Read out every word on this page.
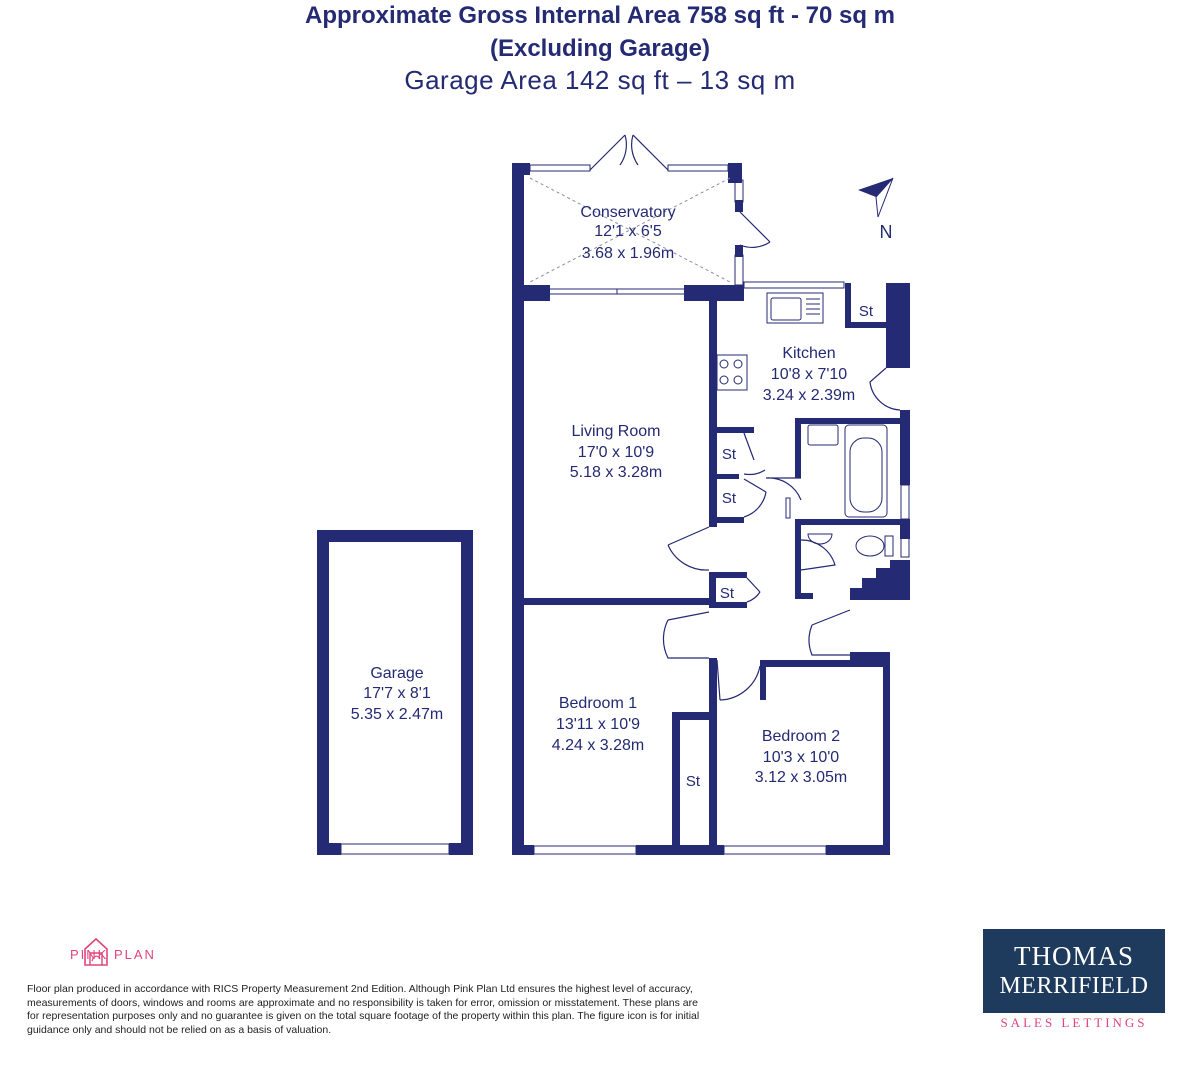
Approximate Gross Internal Area 758 sq ft - 70 sq m
(Excluding Garage)
Garage Area 142 sq ft – 13 sq m
N
Conservatory
12'1 x 6'5
3.68 x 1.96m
Kitchen
10'8 x 7'10
3.24 x 2.39m
Living Room
17'0 x 10'9
5.18 x 3.28m
Bedroom 1
13'11 x 10'9
4.24 x 3.28m
Bedroom 2
10'3 x 10'0
3.12 x 3.05m
Garage
17'7 x 8'1
5.35 x 2.47m
St
St
St
St
St
PINK PLAN
Floor plan produced in accordance with RICS Property Measurement 2nd Edition. Although Pink Plan Ltd ensures the highest level of accuracy, measurements of doors, windows and rooms are approximate and no responsibility is taken for error, omission or misstatement. These plans are for representation purposes only and no guarantee is given on the total square footage of the property within this plan. The figure icon is for initial guidance only and should not be relied on as a basis of valuation.
THOMAS
MERRIFIELD
SALES LETTINGS
